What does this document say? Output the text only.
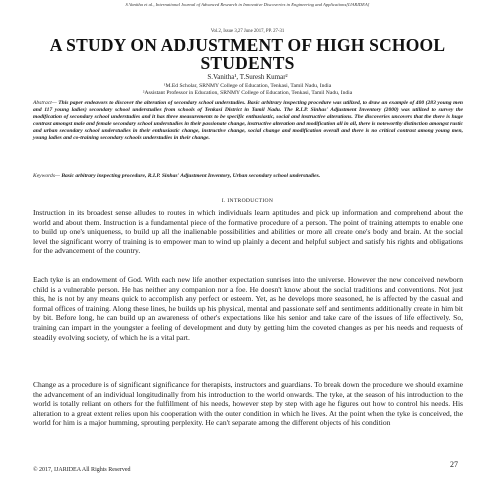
S.Vanitha et al., International Journal of Advanced Research in Innovative Discoveries in Engineering and Applications[IJARIDEA]
Vol.2, Issue 3,27 June 2017, PP. 27-31
A STUDY ON ADJUSTMENT OF HIGH SCHOOL STUDENTS
S.Vanitha¹, T.Suresh Kumar²
¹M.Ed Scholar, SRNMY College of Education, Tenkasi, Tamil Nadu, India
²Assistant Professor in Education, SRNMY College of Education, Tenkasi, Tamil Nadu, India
Abstract— This paper endeavors to discover the alteration of secondary school understudies. Basic arbitrary inspecting procedure was utilized, to draw an example of 400 (283 young men and 117 young ladies) secondary school understudies from schools of Tenkasi District in Tamil Nadu. The R.I.P. Sinhas' Adjustment Inventory (2000) was utilized to survey the modification of secondary school understudies and it has three measurements to be specific enthusiastic, social and instructive alterations. The discoveries uncovers that the there is huge contrast amongst male and female secondary school understudies in their passionate change, instructive alteration and modification all in all, there is noteworthy distinction amongst rustic and urban secondary school understudies in their enthusiastic change, instructive change, social change and modification overall and there is no critical contrast among young men, young ladies and co-training secondary schools understudies in their change.
Keywords— Basic arbitrary inspecting procedure, R.I.P. Sinhas' Adjustment Inventory, Urban secondary school understudies.
I. INTRODUCTION
Instruction in its broadest sense alludes to routes in which individuals learn aptitudes and pick up information and comprehend about the world and about them. Instruction is a fundamental piece of the formative procedure of a person. The point of training attempts to enable one to build up one's uniqueness, to build up all the inalienable possibilities and abilities or more all create one's body and brain. At the social level the significant worry of training is to empower man to wind up plainly a decent and helpful subject and satisfy his rights and obligations for the advancement of the country.
Each tyke is an endowment of God. With each new life another expectation sunrises into the universe. However the new conceived newborn child is a vulnerable person. He has neither any companion nor a foe. He doesn't know about the social traditions and conventions. Not just this, he is not by any means quick to accomplish any perfect or esteem. Yet, as he develops more seasoned, he is affected by the casual and formal offices of training. Along these lines, he builds up his physical, mental and passionate self and sentiments additionally create in him bit by bit. Before long, he can build up an awareness of other's expectations like his senior and take care of the issues of life effectively. So, training can impart in the youngster a feeling of development and duty by getting him the coveted changes as per his needs and requests of steadily evolving society, of which he is a vital part.
Change as a procedure is of significant significance for therapists, instructors and guardians. To break down the procedure we should examine the advancement of an individual longitudinally from his introduction to the world onwards. The tyke, at the season of his introduction to the world is totally reliant on others for the fulfillment of his needs, however step by step with age he figures out how to control his needs. His alteration to a great extent relies upon his cooperation with the outer condition in which he lives. At the point when the tyke is conceived, the world for him is a major humming, sprouting perplexity. He can't separate among the different objects of his condition
27
© 2017, IJARIDEA All Rights Reserved
